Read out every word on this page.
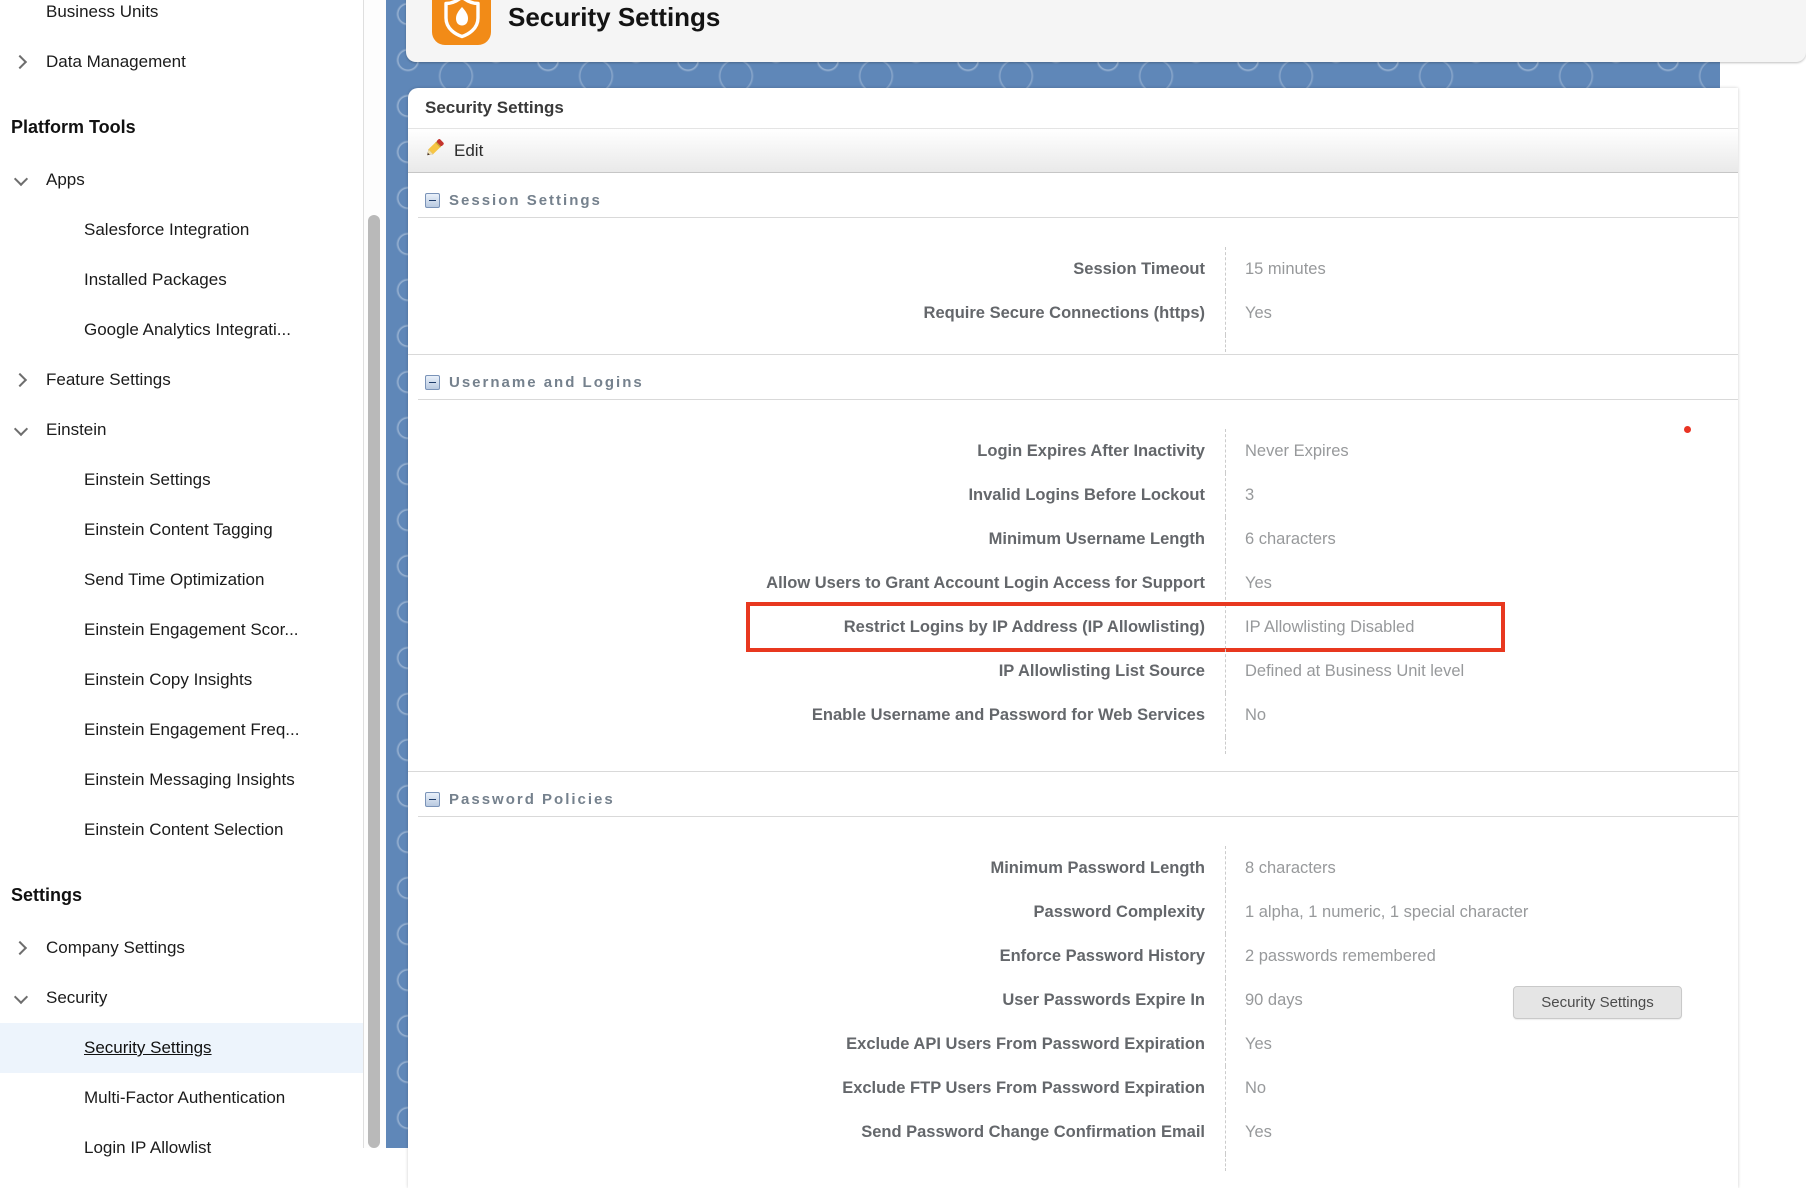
Business Units
Data Management
Platform Tools
Apps
Salesforce Integration
Installed Packages
Google Analytics Integrati...
Feature Settings
Einstein
Einstein Settings
Einstein Content Tagging
Send Time Optimization
Einstein Engagement Scor...
Einstein Copy Insights
Einstein Engagement Freq...
Einstein Messaging Insights
Einstein Content Selection
Settings
Company Settings
Security
Security Settings
Multi-Factor Authentication
Login IP Allowlist
Security Settings
Security Settings
Edit
Session Settings
Session Timeout	15 minutes
Require Secure Connections (https)	Yes
Username and Logins
Login Expires After Inactivity	Never Expires
Invalid Logins Before Lockout	3
Minimum Username Length	6 characters
Allow Users to Grant Account Login Access for Support	Yes
Restrict Logins by IP Address (IP Allowlisting)	IP Allowlisting Disabled
IP Allowlisting List Source	Defined at Business Unit level
Enable Username and Password for Web Services	No
Password Policies
Minimum Password Length	8 characters
Password Complexity	1 alpha, 1 numeric, 1 special character
Enforce Password History	2 passwords remembered
User Passwords Expire In	90 days
Exclude API Users From Password Expiration	Yes
Exclude FTP Users From Password Expiration	No
Send Password Change Confirmation Email	Yes
Security Settings
